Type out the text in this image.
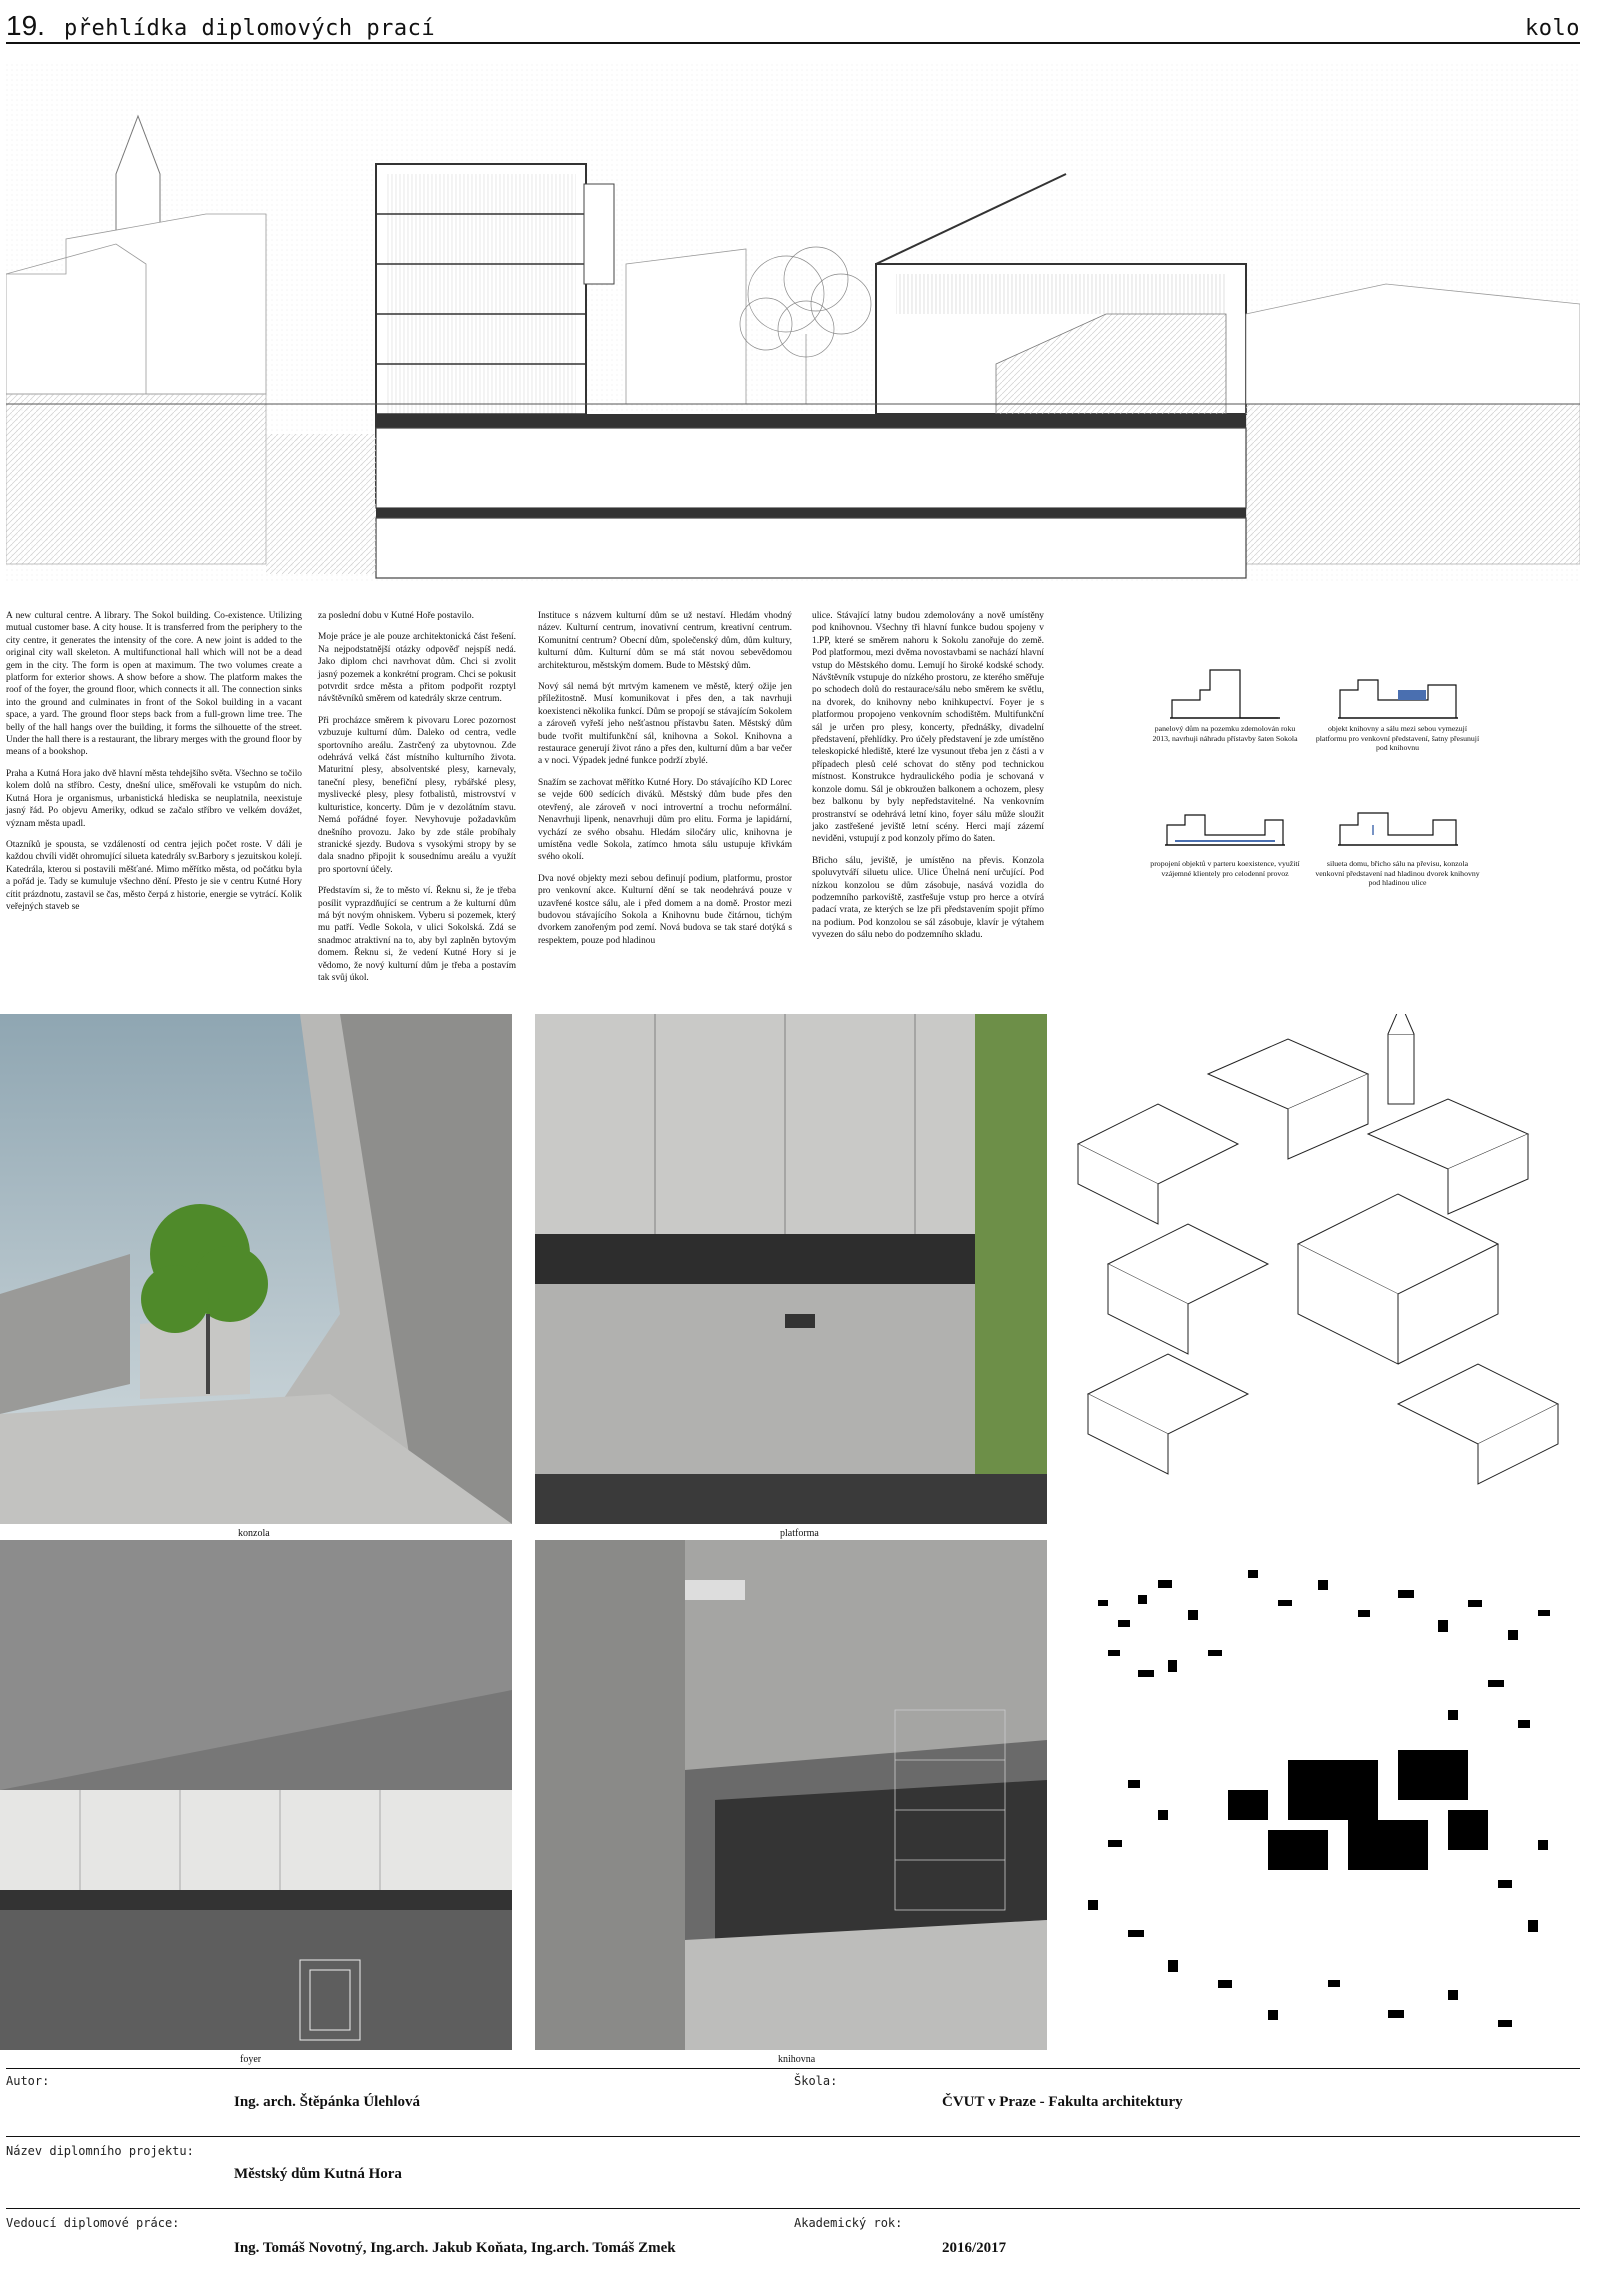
19. přehlídka diplomových prací	kolo

A new cultural centre. A library. The Sokol building. Co-existence. Utilizing mutual customer base. A city house. It is transferred from the periphery to the city centre, it generates the intensity of the core. A new joint is added to the original city wall skeleton. A multifunctional hall which will not be a dead gem in the city. The form is open at maximum. The two volumes create a platform for exterior shows. A show before a show. The platform makes the roof of the foyer, the ground floor, which connects it all. The connection sinks into the ground and culminates in front of the Sokol building in a vacant space, a yard. The ground floor steps back from a full-grown lime tree. The belly of the hall hangs over the building, it forms the silhouette of the street. Under the hall there is a restaurant, the library merges with the ground floor by means of a bookshop.

Praha a Kutná Hora jako dvě hlavní města tehdejšího světa. Všechno se točilo kolem dolů na stříbro. Cesty, dnešní ulice, směřovali ke vstupům do nich. Kutná Hora je organismus, urbanistická hlediska se neuplatnila, neexistuje jasný řád. Po objevu Ameriky, odkud se začalo stříbro ve velkém dovážet, význam města upadl.

Otazníků je spousta, se vzdáleností od centra jejich počet roste. V dáli je každou chvíli vidět ohromující silueta katedrály sv.Barbory s jezuitskou kolejí. Katedrála, kterou si postavili měšťané. Mimo měřítko města, od počátku byla a pořád je. Tady se kumuluje všechno dění. Přesto je sie v centru Kutné Hory cítit prázdnotu, zastavil se čas, město čerpá z historie, energie se vytrácí. Kolik veřejných staveb se

za poslední dobu v Kutné Hoře postavilo.

Moje práce je ale pouze architektonická část řešení. Na nejpodstatnější otázky odpověď nejspíš nedá. Jako diplom chci navrhovat dům. Chci si zvolit jasný pozemek a konkrétní program. Chci se pokusit potvrdit srdce města a přitom podpořit rozptyl návštěvníků směrem od katedrály skrze centrum.

Při procházce směrem k pivovaru Lorec pozornost vzbuzuje kulturní dům. Daleko od centra, vedle sportovního areálu. Zastrčený za ubytovnou. Zde odehrává velká část místního kulturního života. Maturitní plesy, absolventské plesy, karnevaly, taneční plesy, benefiční plesy, rybářské plesy, myslivecké plesy, plesy fotbalistů, mistrovství v kulturistice, koncerty. Dům je v dezolátním stavu. Nemá pořádné foyer. Nevyhovuje požadavkům dnešního provozu. Jako by zde stále probíhaly stranické sjezdy. Budova s vysokými stropy by se dala snadno připojit k sousednímu areálu a využít pro sportovní účely.

Představím si, že to město ví. Řeknu si, že je třeba posílit vyprazdňující se centrum a že kulturní dům má být novým ohniskem. Vyberu si pozemek, který mu patří. Vedle Sokola, v ulici Sokolská. Zdá se snadmoc atraktivní na to, aby byl zaplněn bytovým domem. Řeknu si, že vedení Kutné Hory si je vědomo, že nový kulturní dům je třeba a postavím tak svůj úkol.

Instituce s názvem kulturní dům se už nestaví. Hledám vhodný název. Kulturní centrum, inovativní centrum, kreativní centrum. Komunitní centrum? Obecní dům, společenský dům, dům kultury, kulturní dům. Kulturní dům se má stát novou sebevědomou architekturou, městským domem. Bude to Městský dům.

Nový sál nemá být mrtvým kamenem ve městě, který ožije jen příležitostně. Musí komunikovat i přes den, a tak navrhuji koexistenci několika funkcí. Dům se propojí se stávajícím Sokolem a zároveň vyřeší jeho nešťastnou přístavbu šaten. Městský dům bude tvořit multifunkční sál, knihovna a Sokol. Knihovna a restaurace generují život ráno a přes den, kulturní dům a bar večer a v noci. Výpadek jedné funkce podrží zbylé.

Snažím se zachovat měřítko Kutné Hory. Do stávajícího KD Lorec se vejde 600 sedících diváků. Městský dům bude přes den otevřený, ale zároveň v noci introvertní a trochu neformální. Nenavrhuji lipenk, nenavrhuji dům pro elitu. Forma je lapidární, vychází ze svého obsahu. Hledám siločáry ulic, knihovna je umístěna vedle Sokola, zatímco hmota sálu ustupuje křivkám svého okolí.

Dva nové objekty mezi sebou definují podium, platformu, prostor pro venkovní akce. Kulturní dění se tak neodehrává pouze v uzavřené kostce sálu, ale i před domem a na domě. Prostor mezi budovou stávajícího Sokola a Knihovnu bude čitárnou, tichým dvorkem zanořeným pod zemí. Nová budova se tak staré dotýká s respektem, pouze pod hladinou

ulice. Stávající latny budou zdemolovány a nově umístěny pod knihovnou. Všechny tři hlavní funkce budou spojeny v 1.PP, které se směrem nahoru k Sokolu zanořuje do země. Pod platformou, mezi dvěma novostavbami se nachází hlavní vstup do Městského domu. Lemují ho široké kodské schody. Návštěvník vstupuje do nízkého prostoru, ze kterého směřuje po schodech dolů do restaurace/sálu nebo směrem ke světlu, na dvorek, do knihovny nebo knihkupectví. Foyer je s platformou propojeno venkovním schodištěm. Multifunkční sál je určen pro plesy, koncerty, přednášky, divadelní představení, přehlídky. Pro účely představení je zde umístěno teleskopické hlediště, které lze vysunout třeba jen z části a v případech plesů celé schovat do stěny pod technickou místnost. Konstrukce hydraulického podia je schovaná v konzole domu. Sál je obkroužen balkonem a ochozem, plesy bez balkonu by byly nepředstavitelné. Na venkovním prostranství se odehrává letní kino, foyer sálu může sloužit jako zastřešené jeviště letní scény. Herci mají zázemí neviděni, vstupují z pod konzoly přímo do šaten.

Břicho sálu, jeviště, je umístěno na převis. Konzola spoluvytváří siluetu ulice. Ulice Úhelná není určující. Pod nízkou konzolou se dům zásobuje, nasává vozidla do podzemního parkoviště, zastřešuje vstup pro herce a otvírá padací vrata, ze kterých se lze při představením spojit přímo na podium. Pod konzolou se sál zásobuje, klavír je výtahem vyvezen do sálu nebo do podzemního skladu.

panelový dům na pozemku zdemolován roku 2013, navrhuji náhradu přístavby šaten Sokola
objekt knihovny a sálu mezi sebou vymezují platformu pro venkovní představení, šatny přesunují pod knihovnu
propojení objektů v parteru koexistence, využití vzájemné klientely pro celodenní provoz
silueta domu, břicho sálu na převisu, konzola venkovní představení nad hladinou dvorek knihovny pod hladinou ulice
konzola	platforma
foyer	knihovna
Autor:
Ing. arch. Štěpánka Úlehlová
Škola:
ČVUT v Praze - Fakulta architektury
Název diplomního projektu:
Městský dům Kutná Hora
Vedoucí diplomové práce:
Ing. Tomáš Novotný, Ing.arch. Jakub Koňata, Ing.arch. Tomáš Zmek
Akademický rok:
2016/2017
